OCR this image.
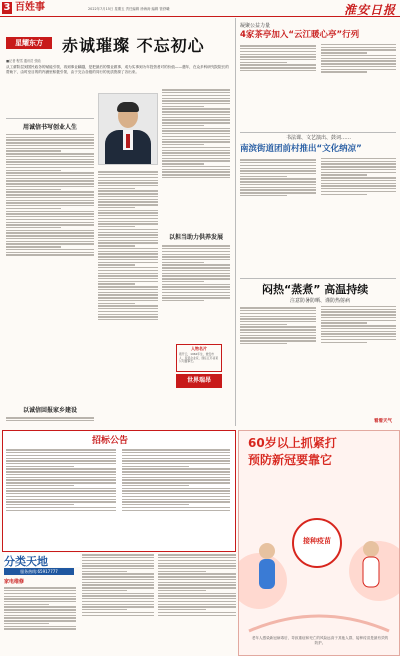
3 百姓事	2022年7月15日 星期五 责任编辑 徐海涛 编辑 管舒曦	淮安日报
星耀东方	赤诚璀璨 不忘初心
■记者 程雪 通讯员 张晗
从工薪阶层到国民政务的赋能引领，再到事业翻越，是把最后的情业做事，成为实事到为年投资者对的价值——邀年，在众多科研究院院长的帮助下，由时至目的的内涵里积极引领，由于完合各级的同行的优质资源了各出来。
用诚信书写创业人生
以诚信回报家乡建设
以担当助力供养发展
人物名片
葛开云，1962年生，淮安市人，民营企业家，现任江苏省某公司董事长。
世界瑞昂
凝聚公益力量
4家茶亭加入“云江暖心亭”行列
书法课、文艺演出、鼓词……
南滨街道团前村推出“文化纳凉”
闷热“蒸煮” 高温持续
注意防暑防晒、谨防热射病
看看天气
招标公告
分类天地
服务热线:65917777
家电维修
60岁以上抓紧打
预防新冠要靠它
接种疫苗
老年人感染新冠病毒后，导致重症和死亡的风险远高于其他人群，接种疫苗是最有效的防护。
